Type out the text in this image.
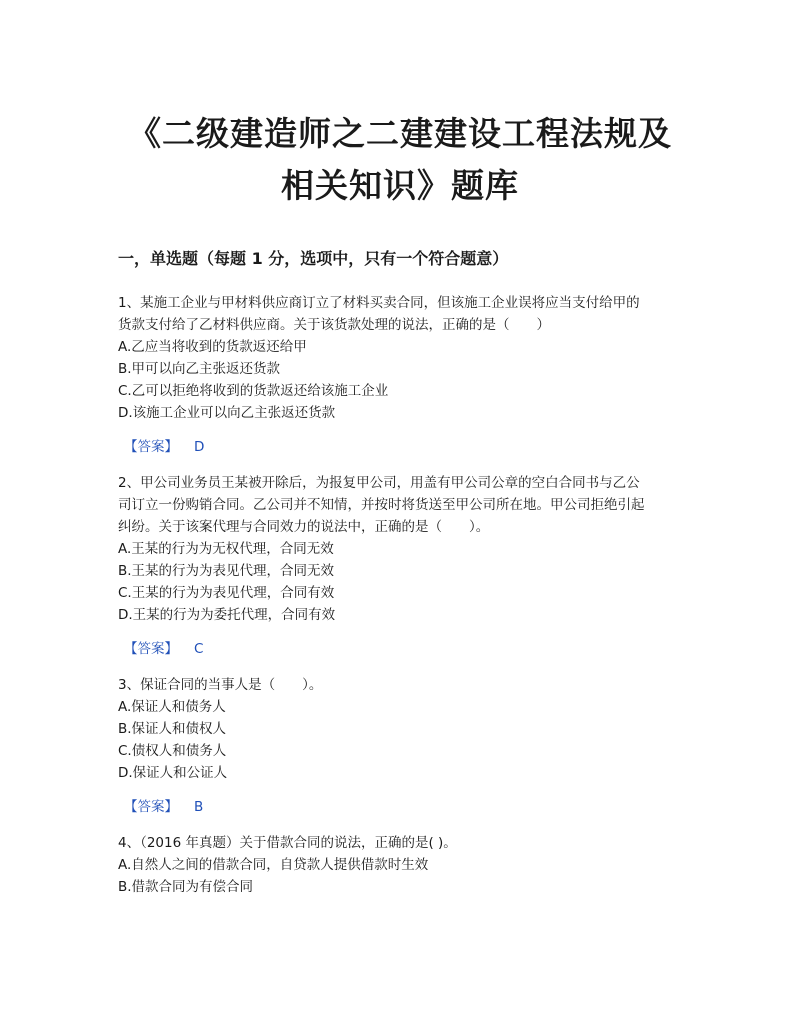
《二级建造师之二建建设工程法规及
相关知识》题库
一，单选题（每题 1 分，选项中，只有一个符合题意）

1、某施工企业与甲材料供应商订立了材料买卖合同，但该施工企业误将应当支付给甲的

货款支付给了乙材料供应商。关于该货款处理的说法，正确的是（　　）

A.乙应当将收到的货款返还给甲

B.甲可以向乙主张返还货款

C.乙可以拒绝将收到的货款返还给该施工企业

D.该施工企业可以向乙主张返还货款

【答案】 D

2、甲公司业务员王某被开除后，为报复甲公司，用盖有甲公司公章的空白合同书与乙公

司订立一份购销合同。乙公司并不知情，并按时将货送至甲公司所在地。甲公司拒绝引起

纠纷。关于该案代理与合同效力的说法中，正确的是（　　）。

A.王某的行为为无权代理，合同无效

B.王某的行为为表见代理，合同无效

C.王某的行为为表见代理，合同有效

D.王某的行为为委托代理，合同有效

【答案】 C

3、保证合同的当事人是（　　）。

A.保证人和债务人

B.保证人和债权人

C.债权人和债务人

D.保证人和公证人

【答案】 B

4、（2016 年真题）关于借款合同的说法，正确的是( )。

A.自然人之间的借款合同，自贷款人提供借款时生效

B.借款合同为有偿合同
